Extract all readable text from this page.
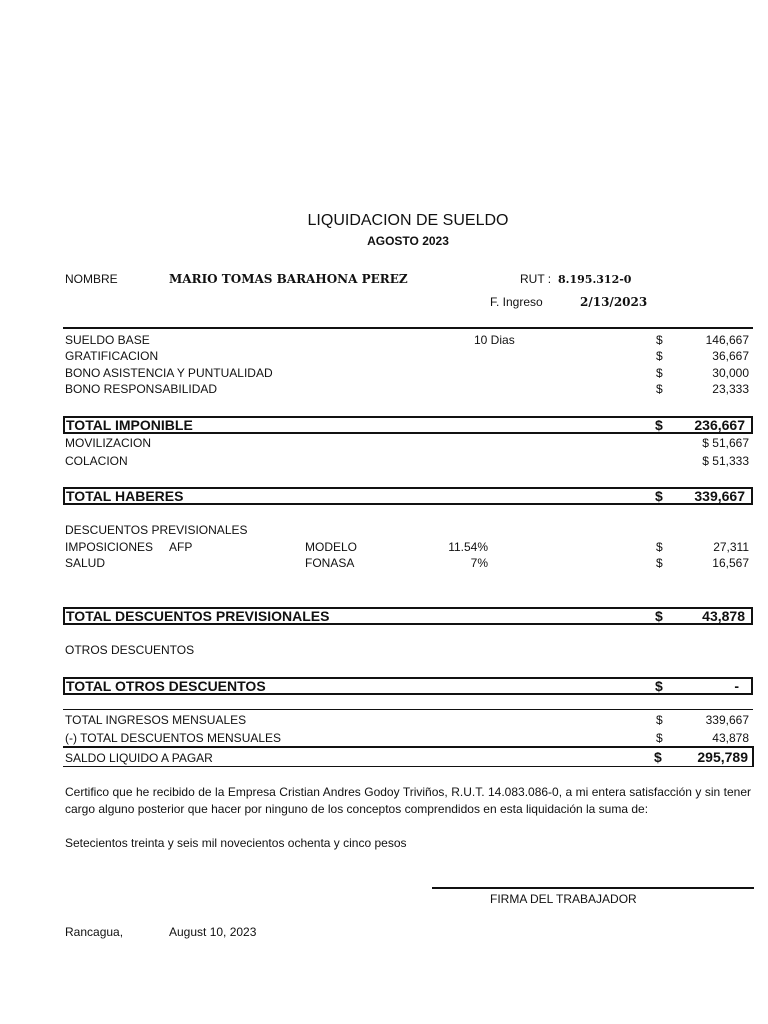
LIQUIDACION DE SUELDO
AGOSTO 2023
NOMBRE	MARIO TOMAS BARAHONA PEREZ	RUT : 8.195.312-0
F. Ingreso	2/13/2023
SUELDO BASE	10 Dias	$	146,667
GRATIFICACION	$	36,667
BONO ASISTENCIA Y PUNTUALIDAD	$	30,000
BONO RESPONSABILIDAD	$	23,333
TOTAL IMPONIBLE	$ 236,667
MOVILIZACION	$ 51,667
COLACION	$ 51,333
TOTAL HABERES	$ 339,667
DESCUENTOS PREVISIONALES
IMPOSICIONES     AFP	MODELO	11.54%	$	27,311
SALUD	FONASA	7%	$	16,567
TOTAL DESCUENTOS PREVISIONALES	$	43,878
OTROS DESCUENTOS
TOTAL OTROS DESCUENTOS	$	-
TOTAL INGRESOS MENSUALES	$	339,667
(-) TOTAL DESCUENTOS MENSUALES	$	43,878
SALDO LIQUIDO A PAGAR	$	295,789
Certifico que he recibido de la Empresa Cristian Andres Godoy Triviños, R.U.T. 14.083.086-0, a mi entera satisfacción y sin tener cargo alguno posterior que hacer por ninguno de los conceptos comprendidos en esta liquidación la suma de:
Setecientos treinta y seis mil novecientos ochenta y cinco pesos
FIRMA DEL TRABAJADOR
Rancagua,	August 10, 2023
